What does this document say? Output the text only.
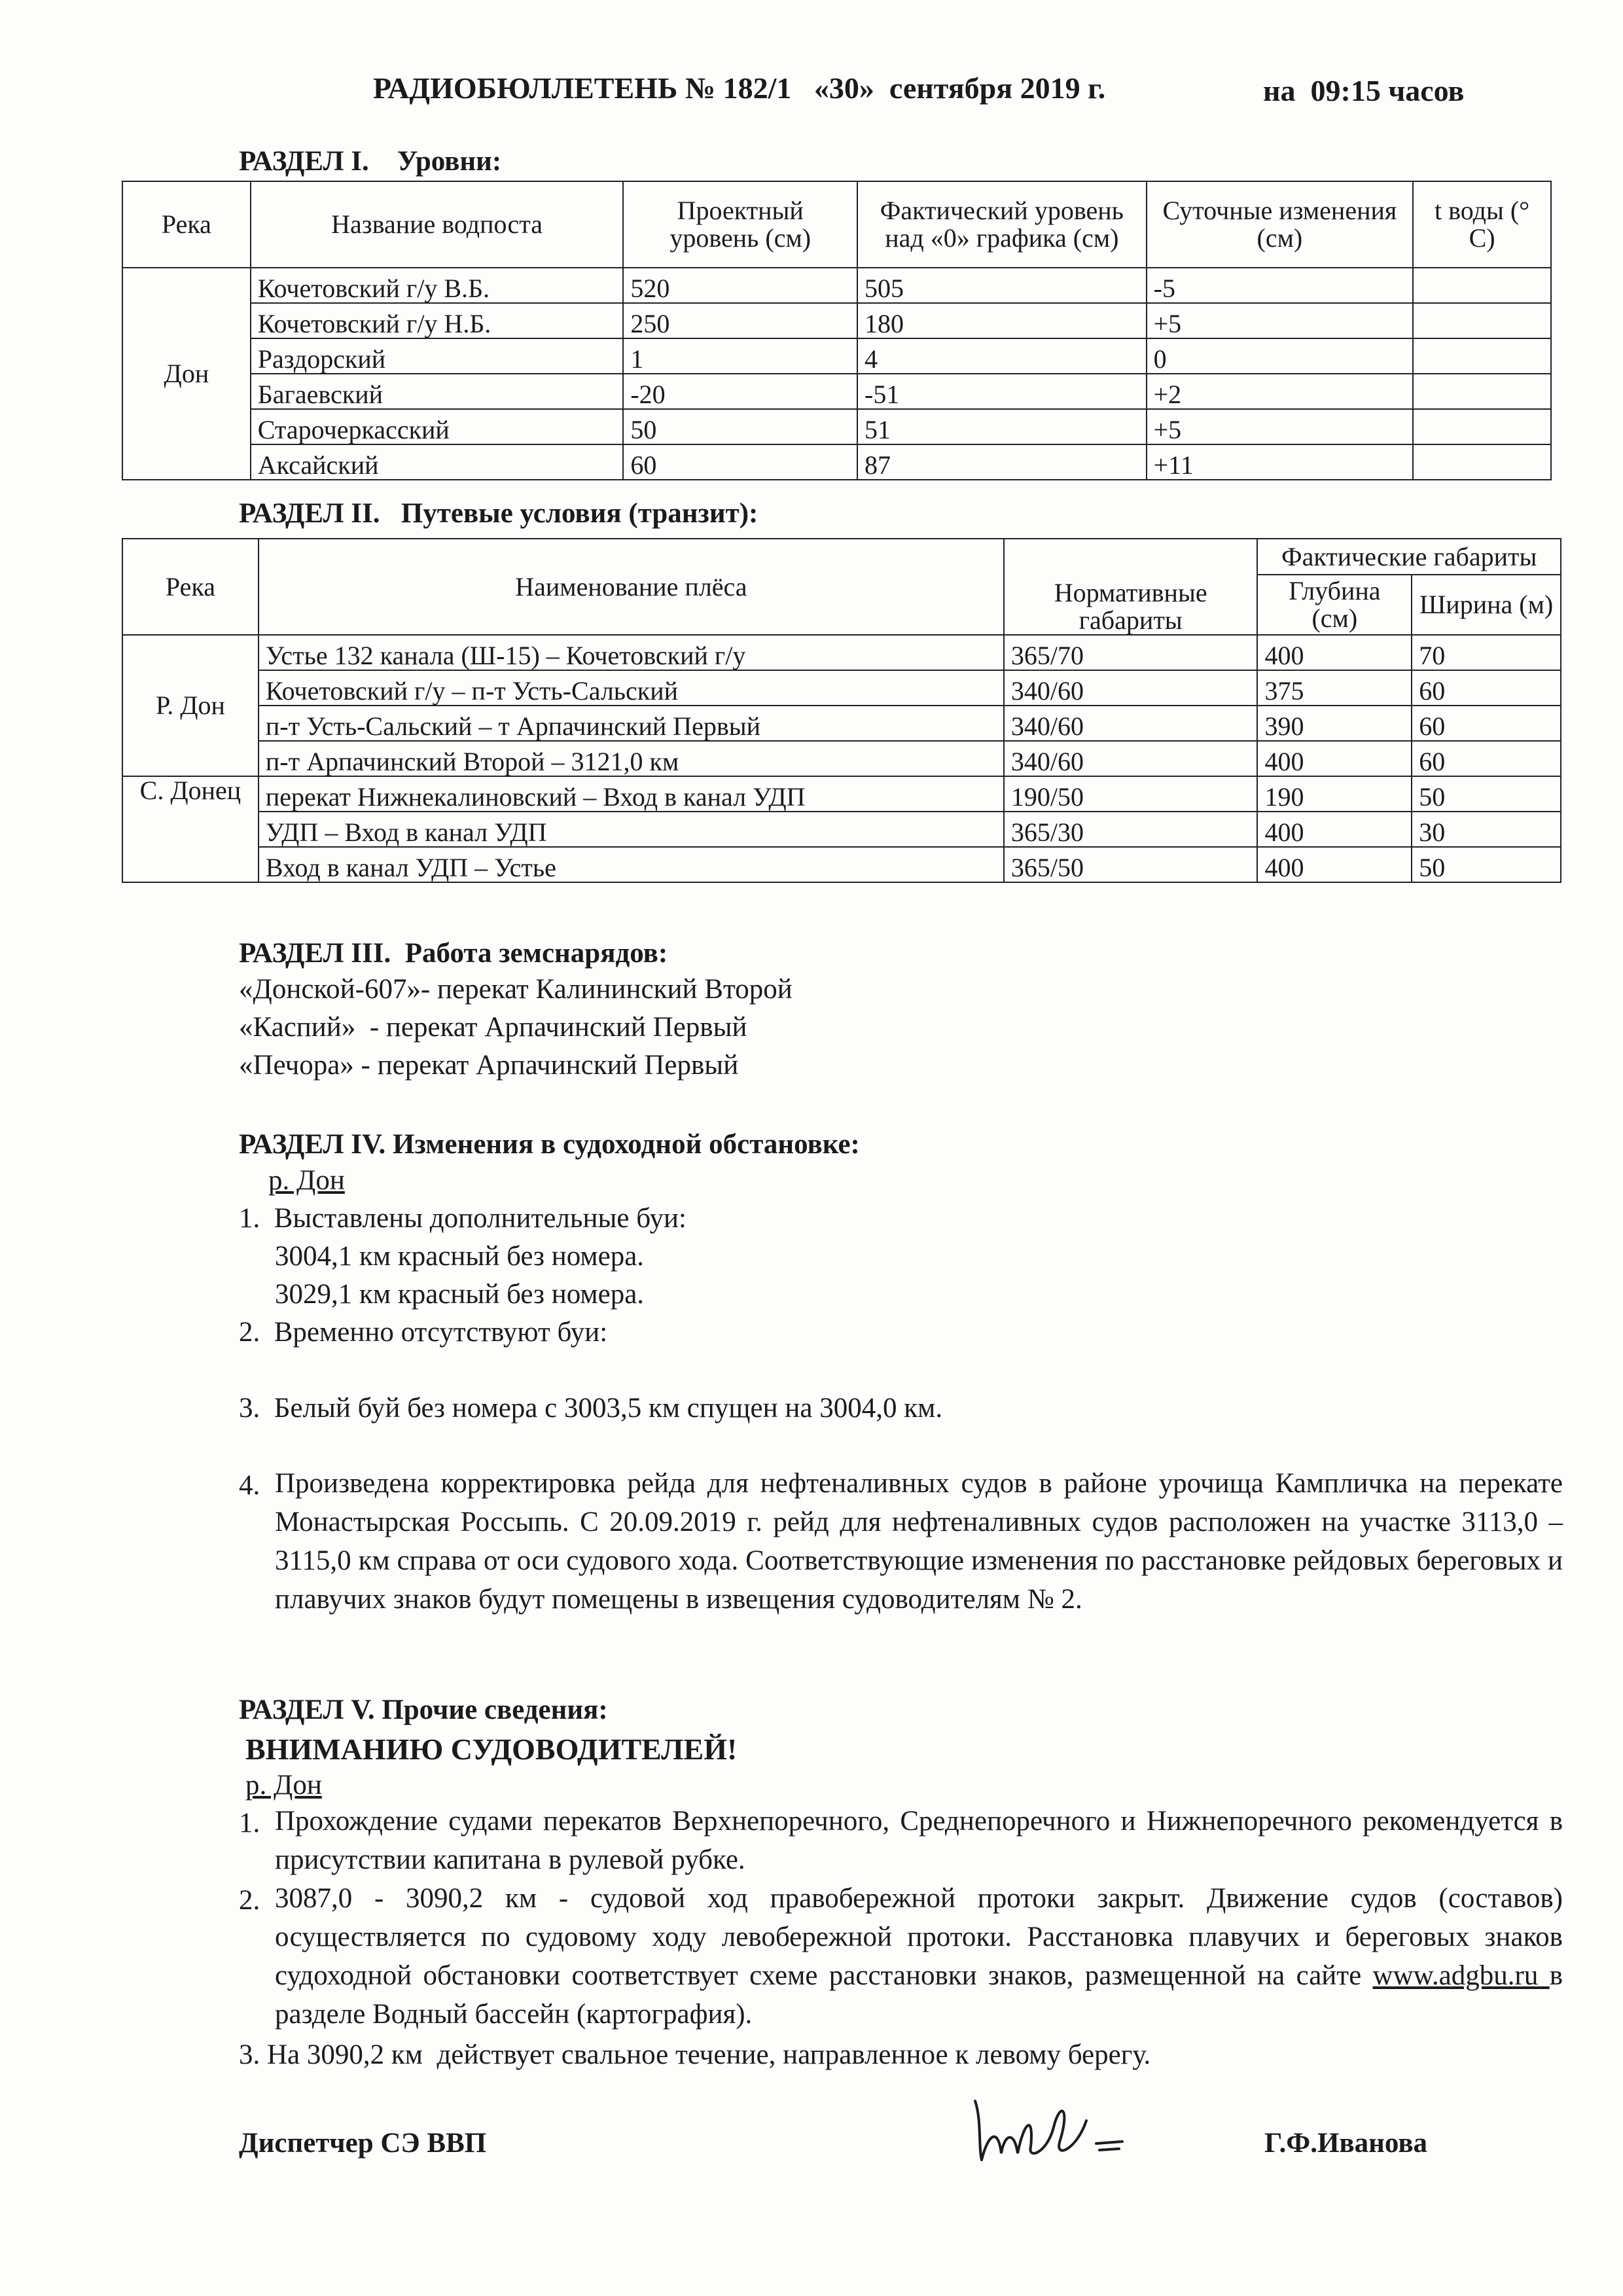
РАДИОБЮЛЛЕТЕНЬ № 182/1   «30»  сентября 2019 г.	на  09:15 часов
РАЗДЕЛ I.    Уровни:
Река	Название водпоста	Проектный уровень (см)	Фактический уровень над «0» графика (см)	Суточные изменения (см)	t воды (° С)
Дон	Кочетовский г/у В.Б.	520	505	-5	
	Кочетовский г/у Н.Б.	250	180	+5	
	Раздорский	1	4	0	
	Багаевский	-20	-51	+2	
	Старочеркасский	50	51	+5	
	Аксайский	60	87	+11	
РАЗДЕЛ II.   Путевые условия (транзит):
Река	Наименование плёса	Нормативные габариты	Фактические габариты	
			Глубина (см)	Ширина (м)
Р. Дон	Устье 132 канала (Ш-15) – Кочетовский г/у	365/70	400	70
	Кочетовский г/у – п-т Усть-Сальский	340/60	375	60
	п-т Усть-Сальский – т Арпачинский Первый	340/60	390	60
	п-т Арпачинский Второй – 3121,0 км	340/60	400	60
С. Донец	перекат Нижнекалиновский – Вход в канал УДП	190/50	190	50
	УДП – Вход в канал УДП	365/30	400	30
	Вход в канал УДП – Устье	365/50	400	50
РАЗДЕЛ III.  Работа земснарядов:
«Донской-607»- перекат Калининский Второй
«Каспий»  - перекат Арпачинский Первый
«Печора» - перекат Арпачинский Первый
РАЗДЕЛ IV. Изменения в судоходной обстановке:
р. Дон
1.  Выставлены дополнительные буи:
3004,1 км красный без номера.
3029,1 км красный без номера.
2.  Временно отсутствуют буи:
3.  Белый буй без номера с 3003,5 км спущен на 3004,0 км.
4. Произведена корректировка рейда для нефтеналивных судов в районе урочища Кампличка на перекате Монастырская Россыпь. С 20.09.2019 г. рейд для нефтеналивных судов расположен на участке 3113,0 – 3115,0 км справа от оси судового хода. Соответствующие изменения по расстановке рейдовых береговых и плавучих знаков будут помещены в извещения судоводителям № 2.
РАЗДЕЛ V. Прочие сведения:
ВНИМАНИЮ СУДОВОДИТЕЛЕЙ!
р. Дон
1. Прохождение судами перекатов Верхнепоречного, Среднепоречного и Нижнепоречного рекомендуется в присутствии капитана в рулевой рубке.
2. 3087,0 - 3090,2 км - судовой ход правобережной протоки закрыт. Движение судов (составов) осуществляется по судовому ходу левобережной протоки. Расстановка плавучих и береговых знаков судоходной обстановки соответствует схеме расстановки знаков, размещенной на сайте www.adgbu.ru в разделе Водный бассейн (картография).
3. На 3090,2 км  действует свальное течение, направленное к левому берегу.
Диспетчер СЭ ВВП	Г.Ф.Иванова
